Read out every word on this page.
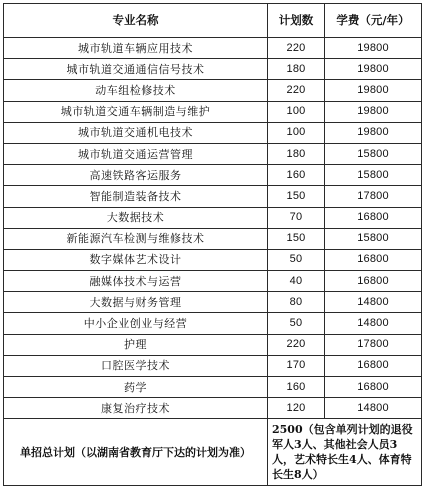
专业名称	计划数	学费（元/年）
城市轨道车辆应用技术	220	19800
城市轨道交通通信信号技术	180	19800
动车组检修技术	220	19800
城市轨道交通车辆制造与维护	100	19800
城市轨道交通机电技术	100	19800
城市轨道交通运营管理	180	15800
高速铁路客运服务	160	15800
智能制造装备技术	150	17800
大数据技术	70	16800
新能源汽车检测与维修技术	150	15800
数字媒体艺术设计	50	16800
融媒体技术与运营	40	16800
大数据与财务管理	80	14800
中小企业创业与经营	50	14800
护理	220	17800
口腔医学技术	170	16800
药学	160	16800
康复治疗技术	120	14800
单招总计划（以湖南省教育厅下达的计划为准）	2500（包含单列计划的退役军人3人、其他社会人员3人，艺术特长生4人、体育特长生8人）	
